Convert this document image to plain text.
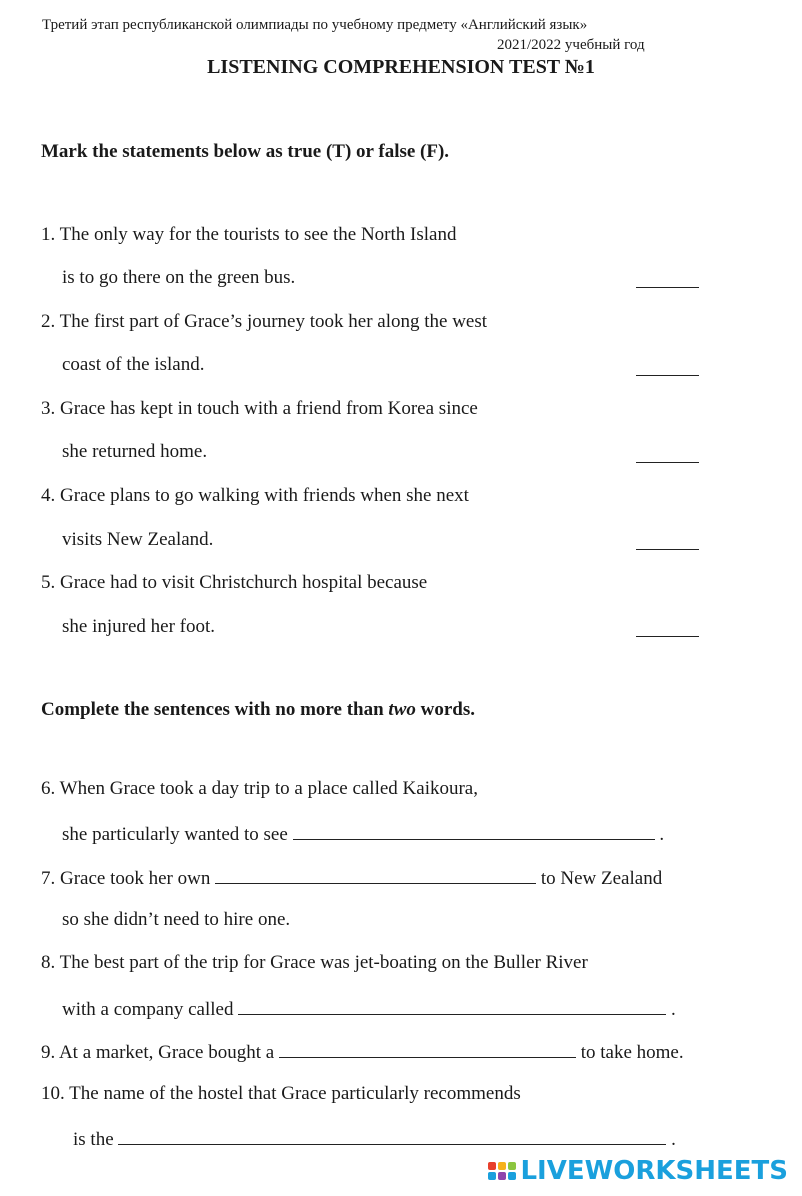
Третий этап республиканской олимпиады по учебному предмету «Английский язык»
2021/2022 учебный год
LISTENING COMPREHENSION TEST №1
Mark the statements below as true (T) or false (F).
1. The only way for the tourists to see the North Island
is to go there on the green bus.
2. The first part of Grace’s journey took her along the west
coast of the island.
3. Grace has kept in touch with a friend from Korea since
she returned home.
4. Grace plans to go walking with friends when she next
visits New Zealand.
5. Grace had to visit Christchurch hospital because
she injured her foot.
Complete the sentences with no more than two words.
6. When Grace took a day trip to a place called Kaikoura,
she particularly wanted to see	.
7. Grace took her own	to New Zealand
so she didn’t need to hire one.
8. The best part of the trip for Grace was jet-boating on the Buller River
with a company called	.
9. At a market, Grace bought a	to take home.
10. The name of the hostel that Grace particularly recommends
is the	.
LIVEWORKSHEETS
